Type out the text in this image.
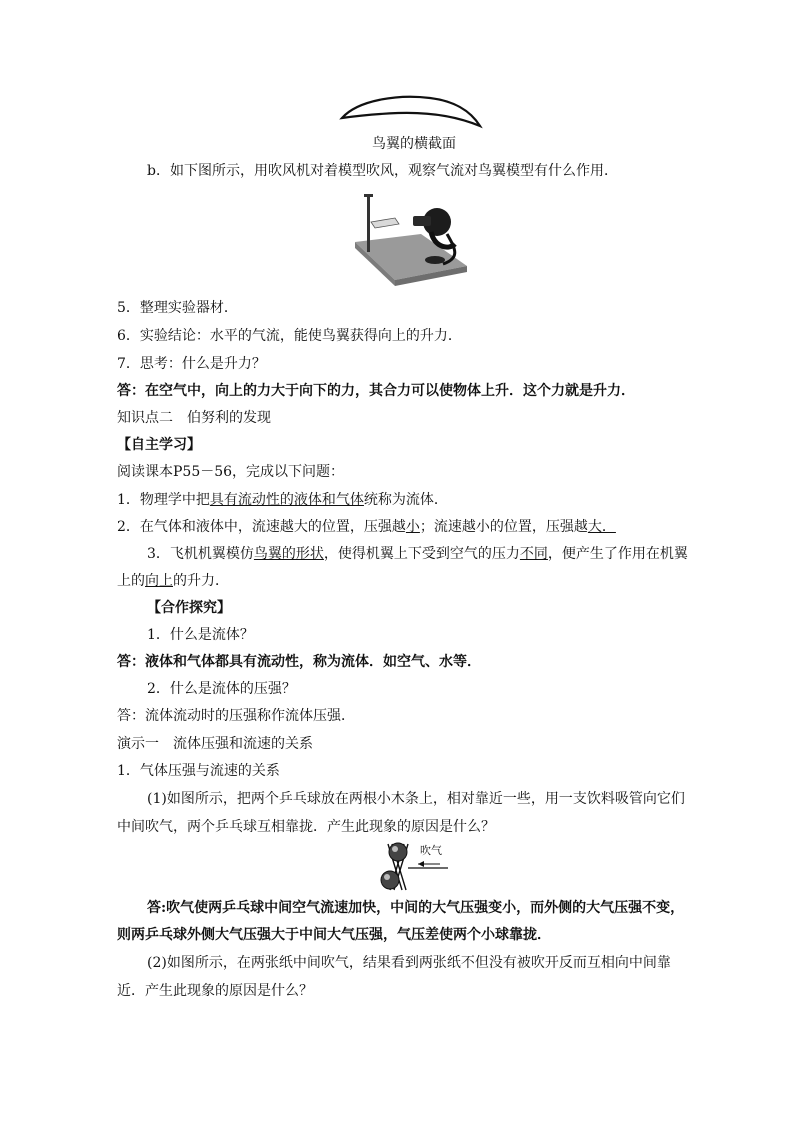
鸟翼的横截面
b．如下图所示，用吹风机对着模型吹风，观察气流对鸟翼模型有什么作用．
5．整理实验器材．
6．实验结论：水平的气流，能使鸟翼获得向上的升力．
7．思考：什么是升力？
答：在空气中，向上的力大于向下的力，其合力可以使物体上升．这个力就是升力．
知识点二　伯努利的发现
【自主学习】
阅读课本P55－56，完成以下问题：
1．物理学中把具有流动性的液体和气体统称为流体．
2．在气体和液体中，流速越大的位置，压强越小；流速越小的位置，压强越大．
3．飞机机翼模仿鸟翼的形状，使得机翼上下受到空气的压力不同，便产生了作用在机翼
上的向上的升力．
【合作探究】
1．什么是流体？
答：液体和气体都具有流动性，称为流体．如空气、水等．
2．什么是流体的压强？
答：流体流动时的压强称作流体压强．
演示一　流体压强和流速的关系
1．气体压强与流速的关系
(1)如图所示，把两个乒乓球放在两根小木条上，相对靠近一些，用一支饮料吸管向它们
中间吹气，两个乒乓球互相靠拢．产生此现象的原因是什么？
吹气
答:吹气使两乒乓球中间空气流速加快，中间的大气压强变小，而外侧的大气压强不变，
则两乒乓球外侧大气压强大于中间大气压强，气压差使两个小球靠拢．
(2)如图所示，在两张纸中间吹气，结果看到两张纸不但没有被吹开反而互相向中间靠
近．产生此现象的原因是什么？
